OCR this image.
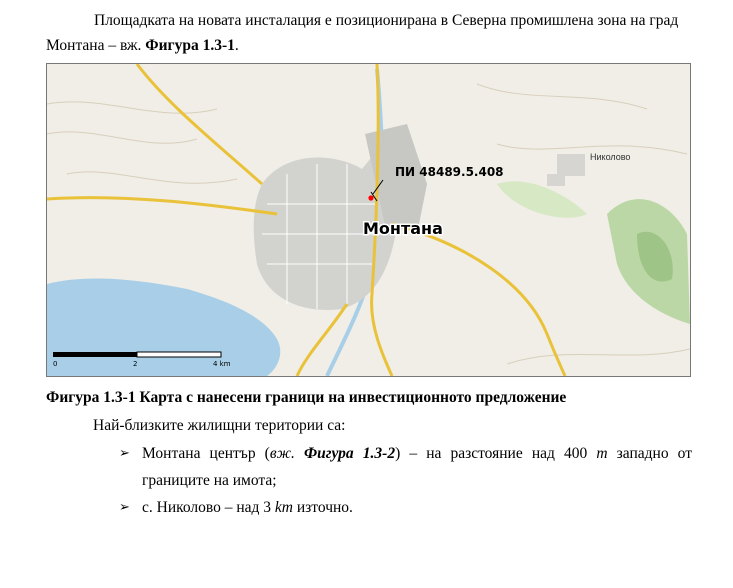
Площадката на новата инсталация е позиционирана в Северна промишлена зона на град
Монтана – вж. Фигура 1.3-1.
Николово
ПИ 48489.5.408
Монтана
0	2	4 km
Фигура 1.3-1 Карта с нанесени граници на инвестиционното предложение
Най-близките жилищни територии са:
➢ Монтана център (вж. Фигура 1.3-2) – на разстояние над 400 m западно от границите на имота;
➢ с. Николово – над 3 km източно.
